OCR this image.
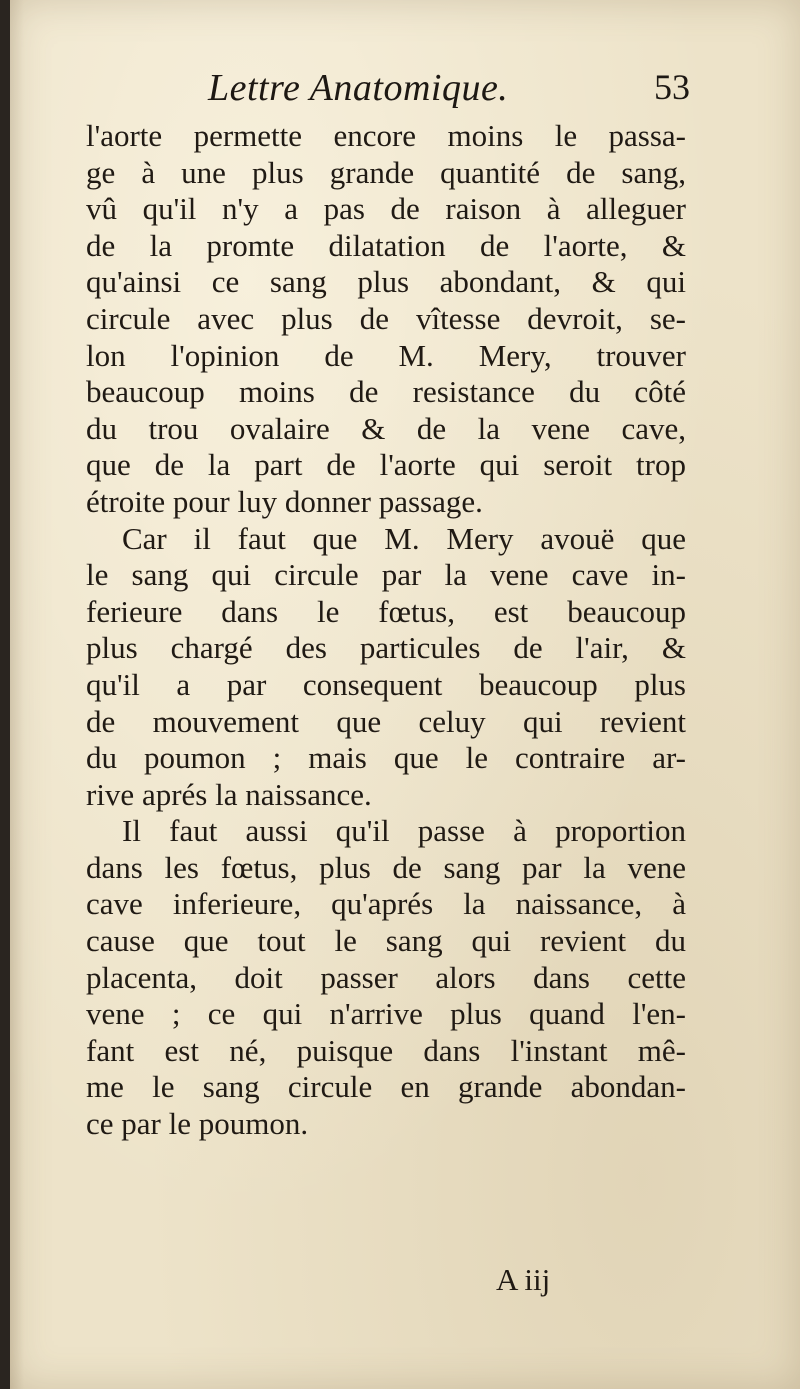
Lettre Anatomique.	53
l'aorte permette encore moins le passa-
ge à une plus grande quantité de sang,
vû qu'il n'y a pas de raison à alleguer
de la promte dilatation de l'aorte, &
qu'ainsi ce sang plus abondant, & qui
circule avec plus de vîtesse devroit, se-
lon l'opinion de M. Mery, trouver
beaucoup moins de resistance du côté
du trou ovalaire & de la vene cave,
que de la part de l'aorte qui seroit trop
étroite pour luy donner passage.
Car il faut que M. Mery avouë que
le sang qui circule par la vene cave in-
ferieure dans le fœtus, est beaucoup
plus chargé des particules de l'air, &
qu'il a par consequent beaucoup plus
de mouvement que celuy qui revient
du poumon ; mais que le contraire ar-
rive aprés la naissance.
Il faut aussi qu'il passe à proportion
dans les fœtus, plus de sang par la vene
cave inferieure, qu'aprés la naissance, à
cause que tout le sang qui revient du
placenta, doit passer alors dans cette
vene ; ce qui n'arrive plus quand l'en-
fant est né, puisque dans l'instant mê-
me le sang circule en grande abondan-
ce par le poumon.
A iij
